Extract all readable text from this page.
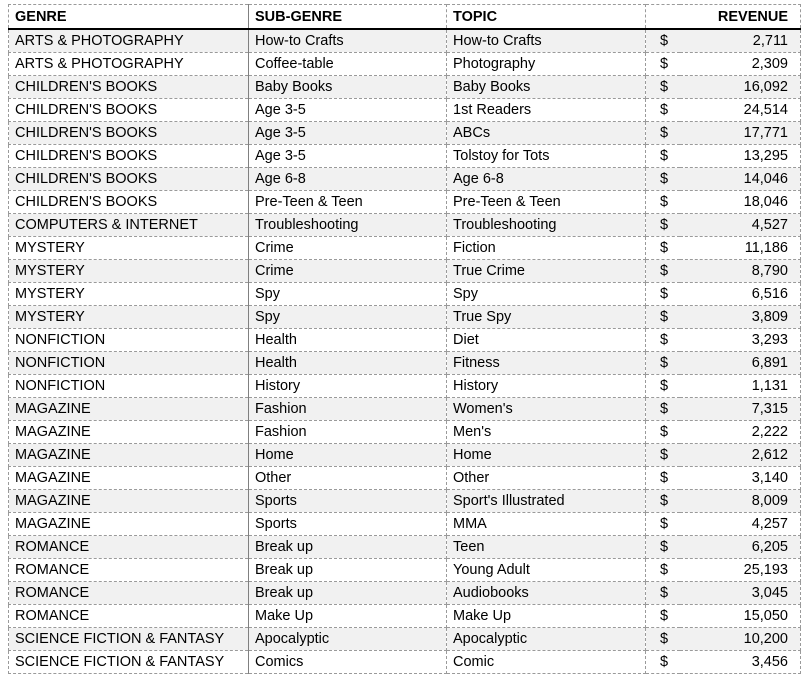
GENRE	SUB-GENRE	TOPIC		REVENUE
ARTS & PHOTOGRAPHY	How-to Crafts	How-to Crafts	$	2,711
ARTS & PHOTOGRAPHY	Coffee-table	Photography	$	2,309
CHILDREN'S BOOKS	Baby Books	Baby Books	$	16,092
CHILDREN'S BOOKS	Age 3-5	1st Readers	$	24,514
CHILDREN'S BOOKS	Age 3-5	ABCs	$	17,771
CHILDREN'S BOOKS	Age 3-5	Tolstoy for Tots	$	13,295
CHILDREN'S BOOKS	Age 6-8	Age 6-8	$	14,046
CHILDREN'S BOOKS	Pre-Teen & Teen	Pre-Teen & Teen	$	18,046
COMPUTERS & INTERNET	Troubleshooting	Troubleshooting	$	4,527
MYSTERY	Crime	Fiction	$	11,186
MYSTERY	Crime	True Crime	$	8,790
MYSTERY	Spy	Spy	$	6,516
MYSTERY	Spy	True Spy	$	3,809
NONFICTION	Health	Diet	$	3,293
NONFICTION	Health	Fitness	$	6,891
NONFICTION	History	History	$	1,131
MAGAZINE	Fashion	Women's	$	7,315
MAGAZINE	Fashion	Men's	$	2,222
MAGAZINE	Home	Home	$	2,612
MAGAZINE	Other	Other	$	3,140
MAGAZINE	Sports	Sport's Illustrated	$	8,009
MAGAZINE	Sports	MMA	$	4,257
ROMANCE	Break up	Teen	$	6,205
ROMANCE	Break up	Young Adult	$	25,193
ROMANCE	Break up	Audiobooks	$	3,045
ROMANCE	Make Up	Make Up	$	15,050
SCIENCE FICTION & FANTASY	Apocalyptic	Apocalyptic	$	10,200
SCIENCE FICTION & FANTASY	Comics	Comic	$	3,456
